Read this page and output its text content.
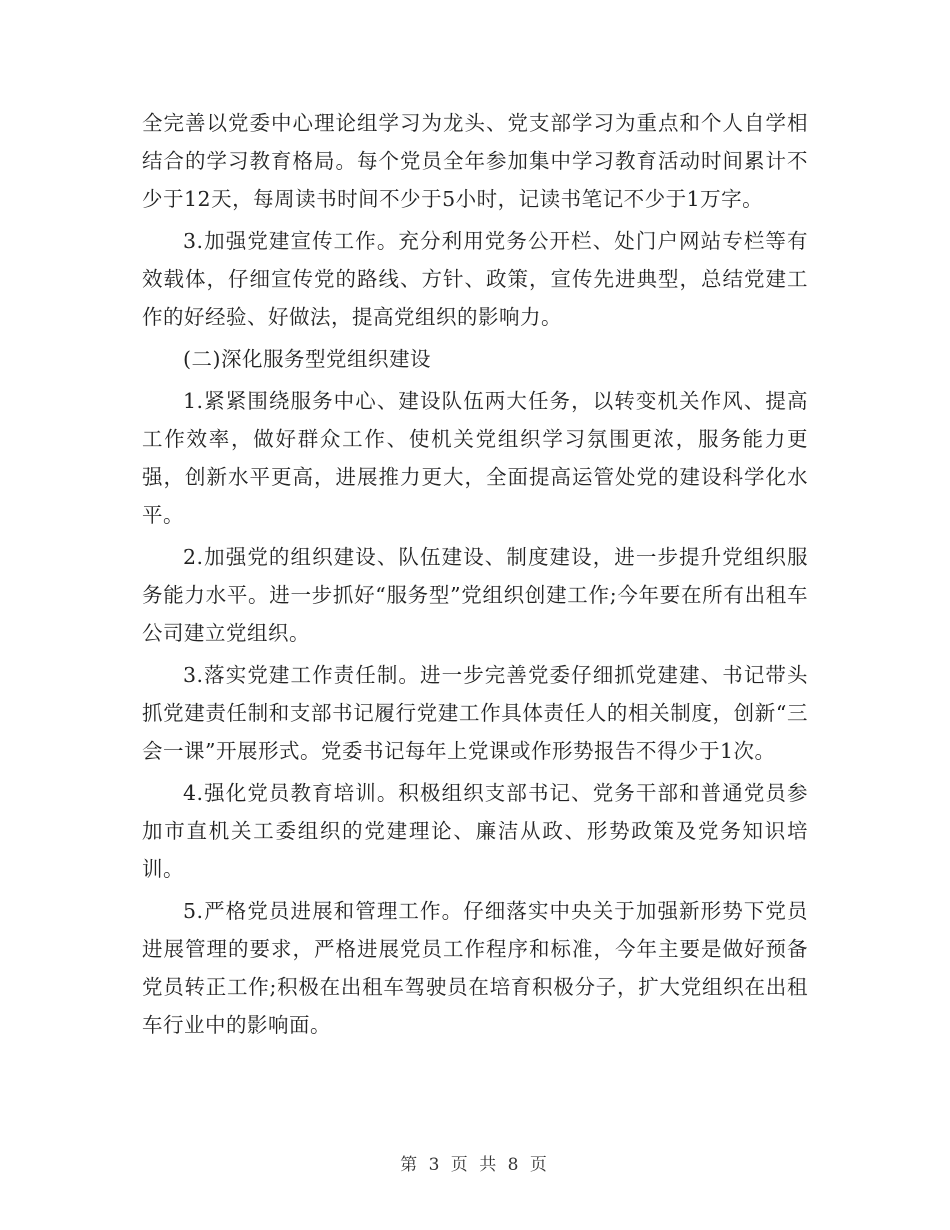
全完善以党委中心理论组学习为龙头、党支部学习为重点和个人自学相结合的学习教育格局。每个党员全年参加集中学习教育活动时间累计不少于12天，每周读书时间不少于5小时，记读书笔记不少于1万字。

3.加强党建宣传工作。充分利用党务公开栏、处门户网站专栏等有效载体，仔细宣传党的路线、方针、政策，宣传先进典型，总结党建工作的好经验、好做法，提高党组织的影响力。

(二)深化服务型党组织建设

1.紧紧围绕服务中心、建设队伍两大任务，以转变机关作风、提高工作效率，做好群众工作、使机关党组织学习氛围更浓，服务能力更强，创新水平更高，进展推力更大，全面提高运管处党的建设科学化水平。

2.加强党的组织建设、队伍建设、制度建设，进一步提升党组织服务能力水平。进一步抓好“服务型”党组织创建工作;今年要在所有出租车公司建立党组织。

3.落实党建工作责任制。进一步完善党委仔细抓党建建、书记带头抓党建责任制和支部书记履行党建工作具体责任人的相关制度，创新“三会一课”开展形式。党委书记每年上党课或作形势报告不得少于1次。

4.强化党员教育培训。积极组织支部书记、党务干部和普通党员参加市直机关工委组织的党建理论、廉洁从政、形势政策及党务知识培训。

5.严格党员进展和管理工作。仔细落实中央关于加强新形势下党员进展管理的要求，严格进展党员工作程序和标准，今年主要是做好预备党员转正工作;积极在出租车驾驶员在培育积极分子，扩大党组织在出租车行业中的影响面。

第 3 页 共 8 页
